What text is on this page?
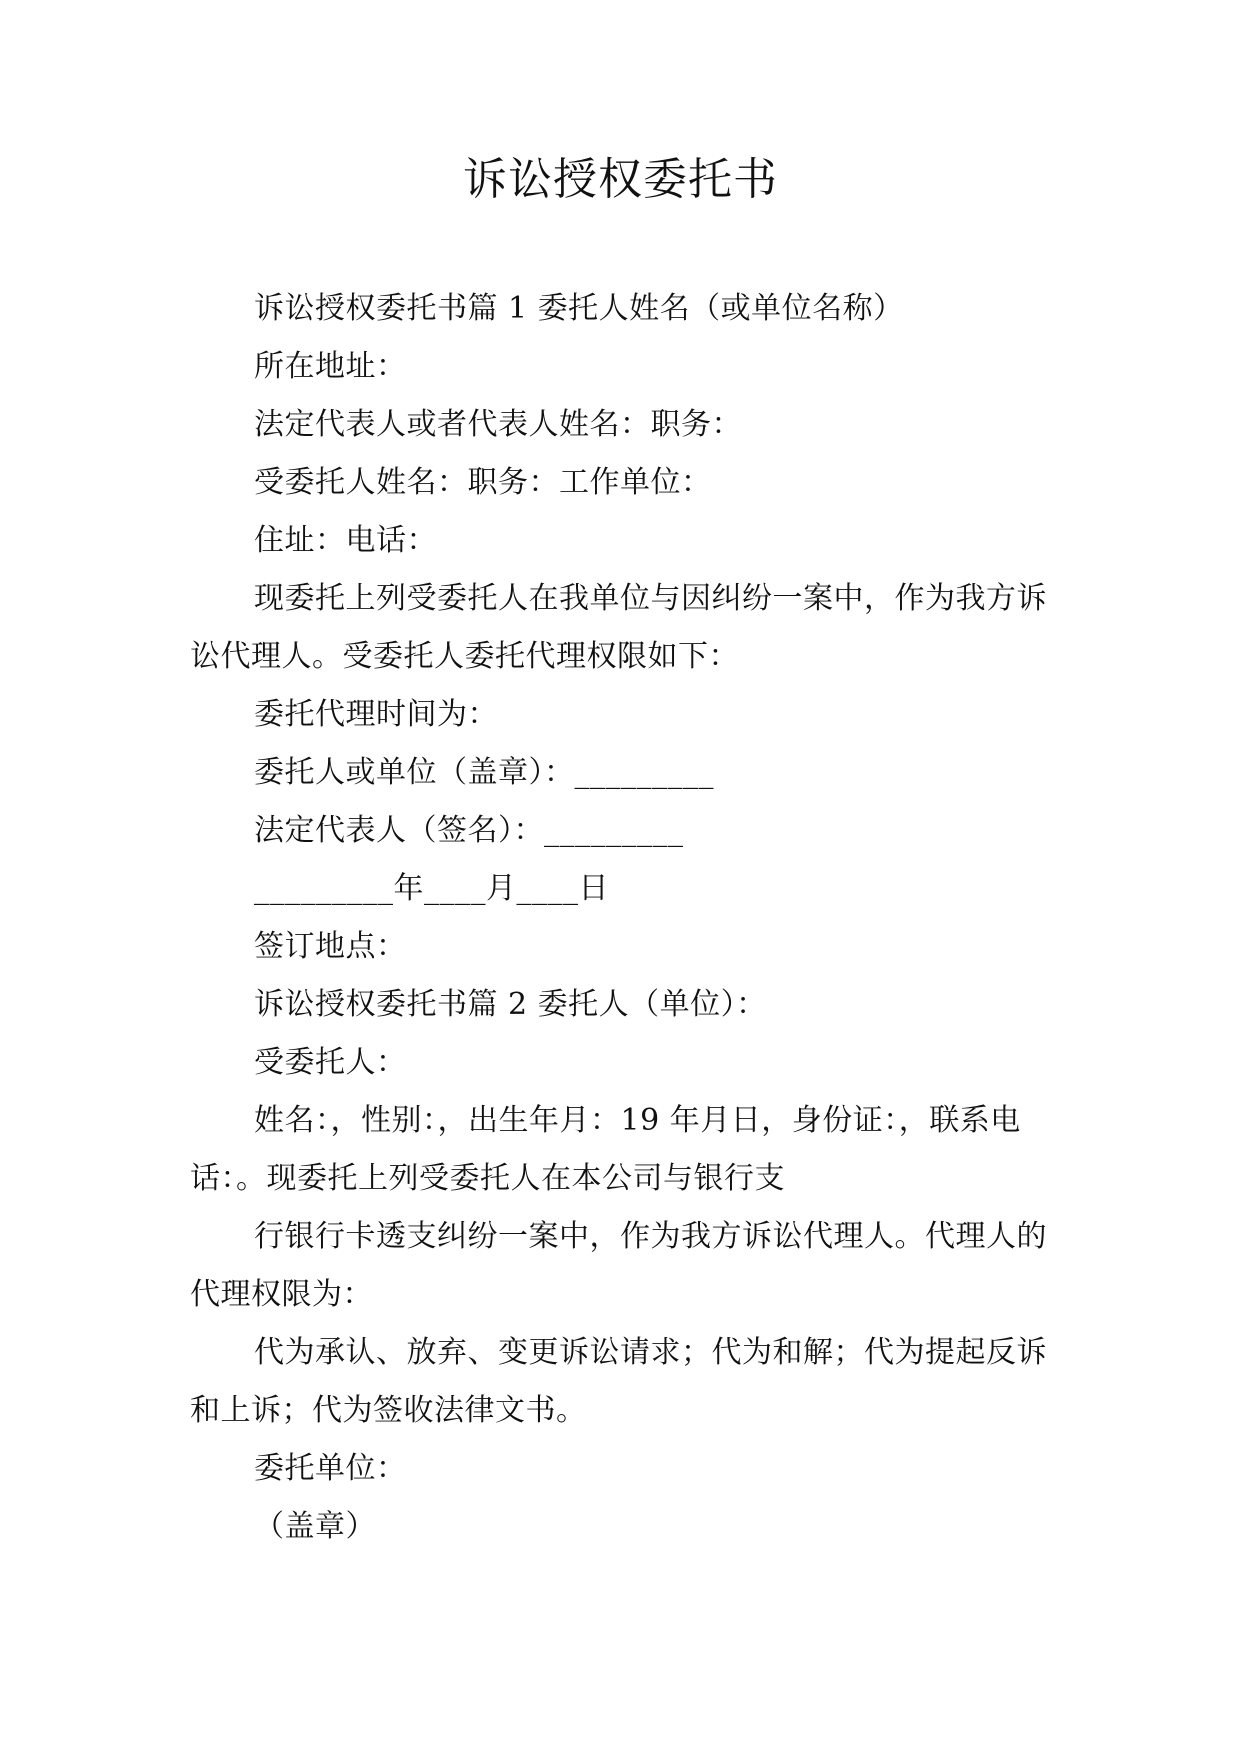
诉讼授权委托书

诉讼授权委托书篇 1 委托人姓名（或单位名称）

所在地址：

法定代表人或者代表人姓名：职务：

受委托人姓名：职务：工作单位：

住址：电话：

现委托上列受委托人在我单位与因纠纷一案中，作为我方诉讼代理人。受委托人委托代理权限如下：

委托代理时间为：

委托人或单位（盖章）：_________

法定代表人（签名）：_________

_________年____月____日

签订地点：

诉讼授权委托书篇 2 委托人（单位）：

受委托人：

姓名：，性别：，出生年月：19 年月日，身份证：，联系电话：。现委托上列受委托人在本公司与银行支

行银行卡透支纠纷一案中，作为我方诉讼代理人。代理人的代理权限为：

代为承认、放弃、变更诉讼请求；代为和解；代为提起反诉和上诉；代为签收法律文书。

委托单位：

（盖章）
